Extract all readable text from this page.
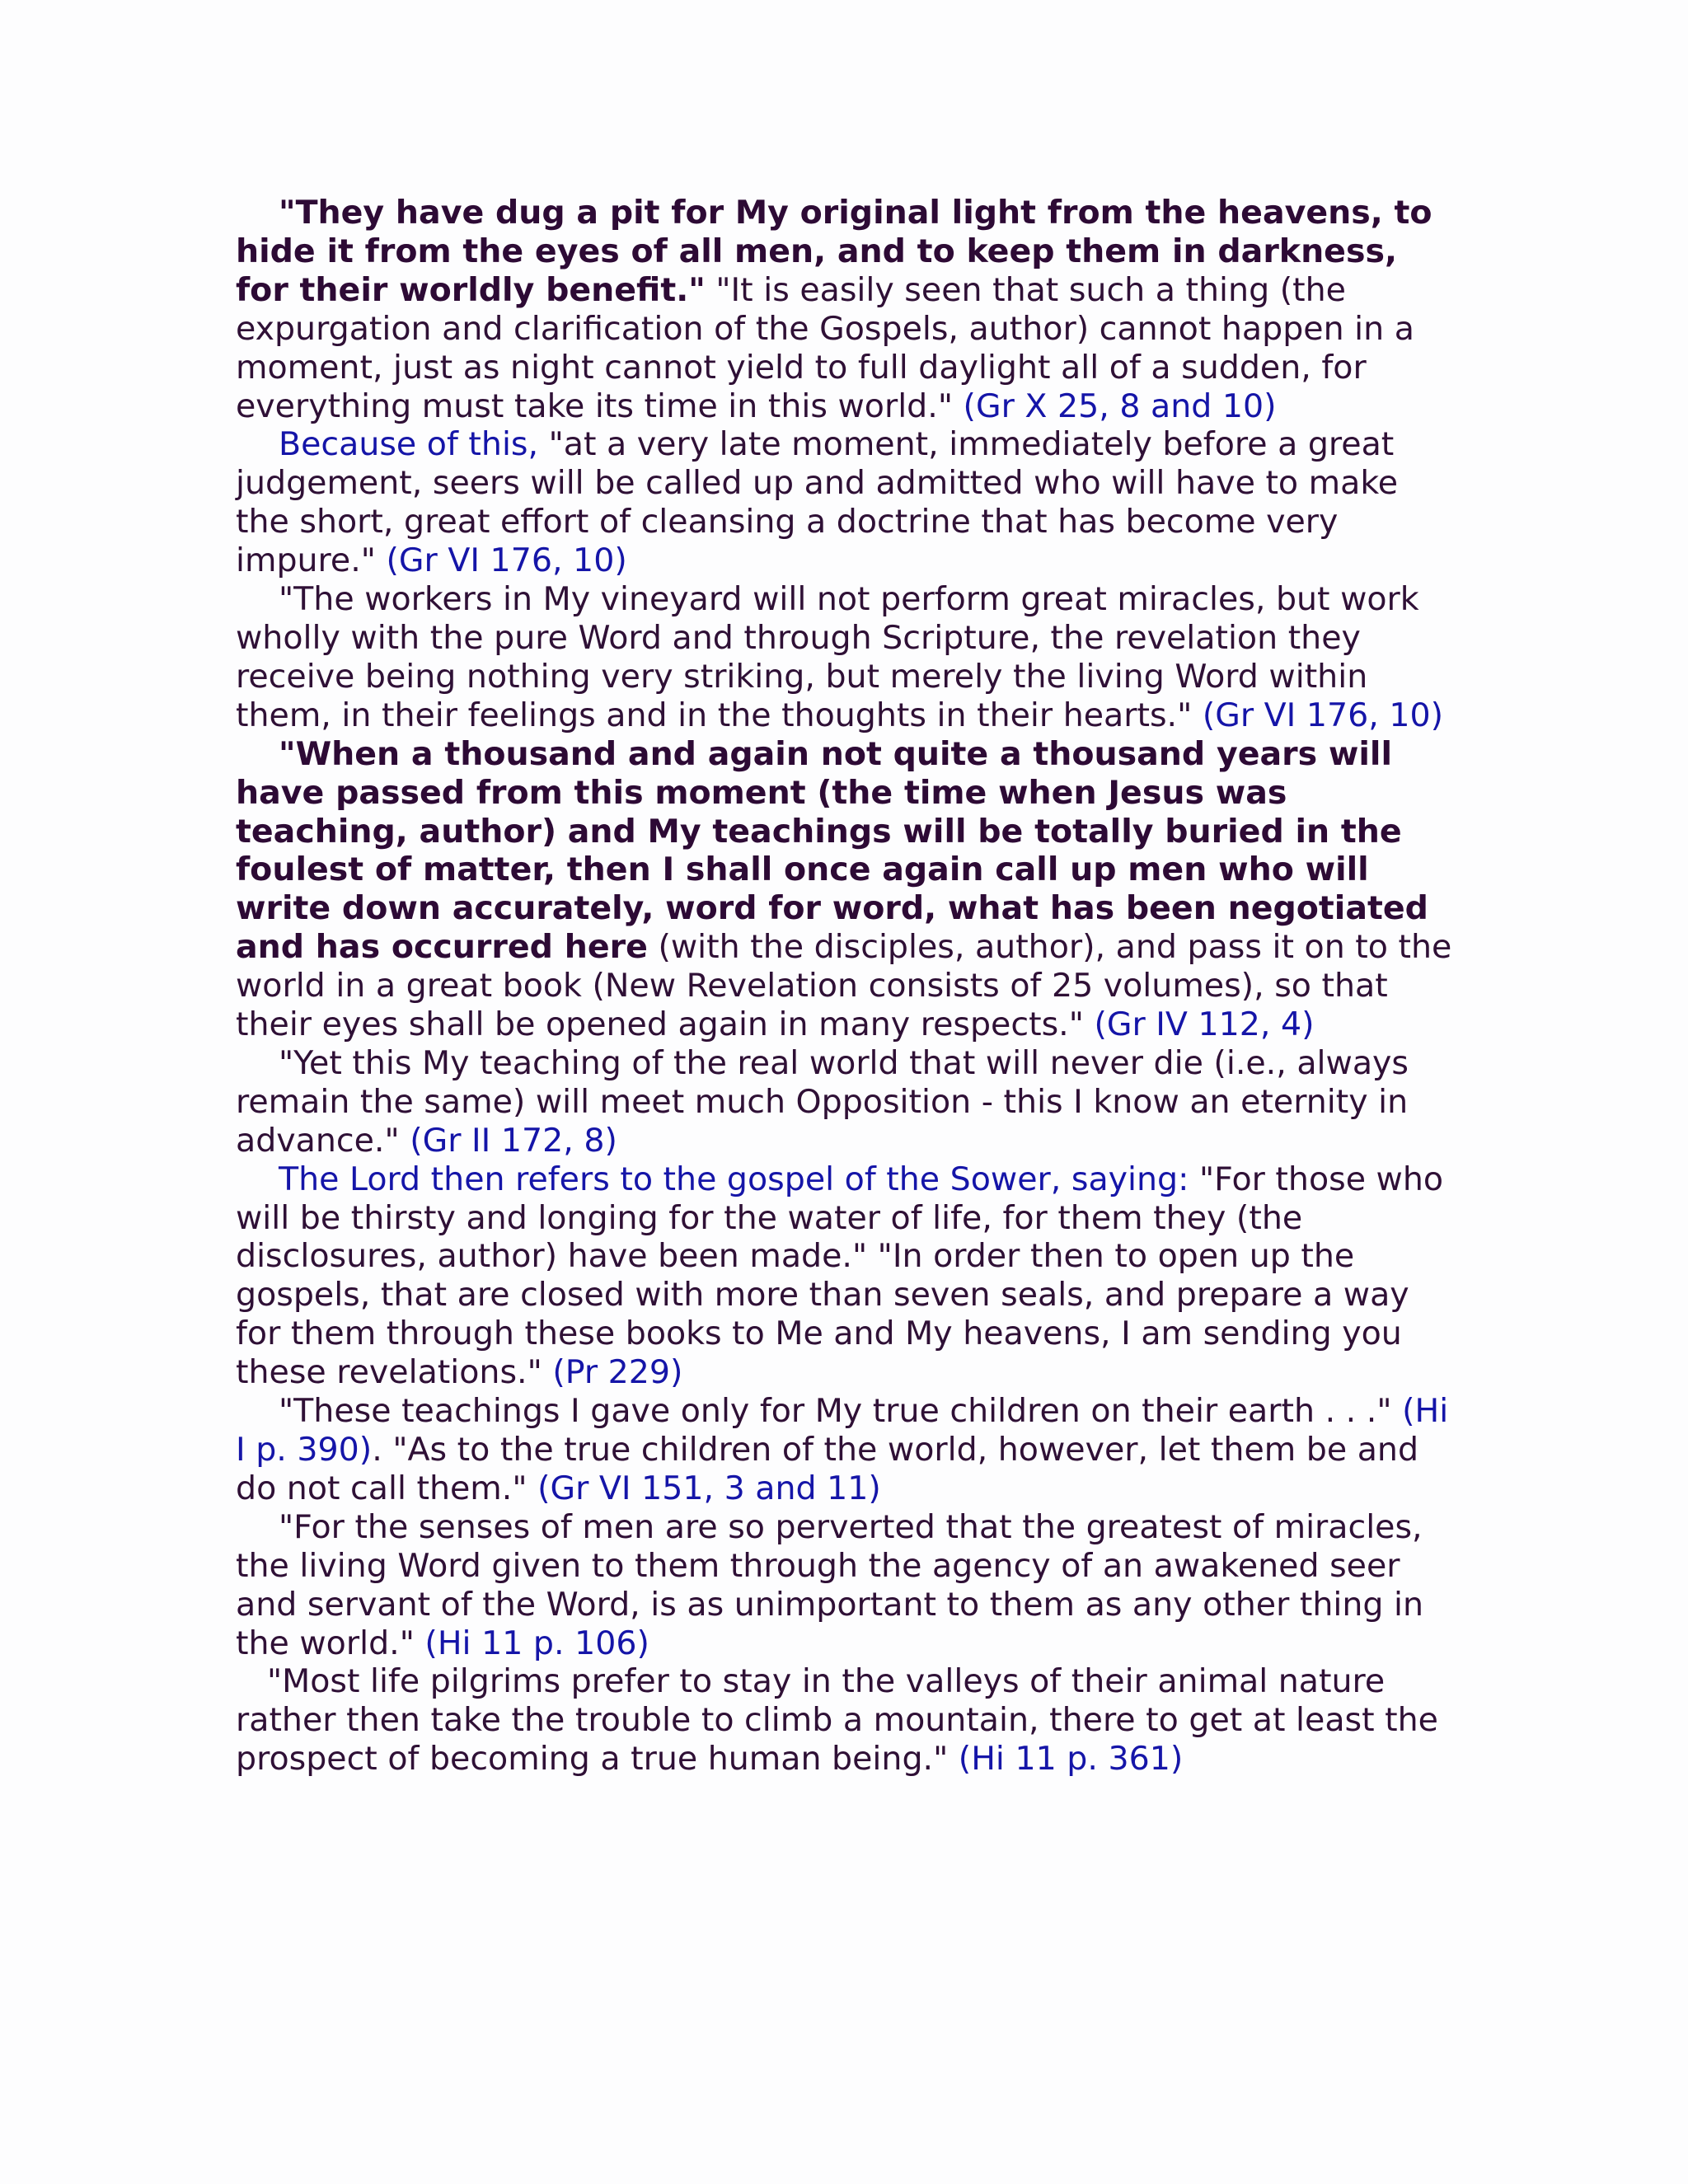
"They have dug a pit for My original light from the heavens, to hide it from the eyes of all men, and to keep them in darkness, for their worldly benefit." "It is easily seen that such a thing (the expurgation and clarification of the Gospels, author) cannot happen in a moment, just as night cannot yield to full daylight all of a sudden, for everything must take its time in this world." (Gr X 25, 8 and 10)

Because of this, "at a very late moment, immediately before a great judgement, seers will be called up and admitted who will have to make the short, great effort of cleansing a doctrine that has become very impure." (Gr VI 176, 10)

"The workers in My vineyard will not perform great miracles, but work wholly with the pure Word and through Scripture, the revelation they receive being nothing very striking, but merely the living Word within them, in their feelings and in the thoughts in their hearts." (Gr VI 176, 10)

"When a thousand and again not quite a thousand years will have passed from this moment (the time when Jesus was teaching, author) and My teachings will be totally buried in the foulest of matter, then I shall once again call up men who will write down accurately, word for word, what has been negotiated and has occurred here (with the disciples, author), and pass it on to the world in a great book (New Revelation consists of 25 volumes), so that their eyes shall be opened again in many respects." (Gr IV 112, 4)

"Yet this My teaching of the real world that will never die (i.e., always remain the same) will meet much Opposition - this I know an eternity in advance." (Gr II 172, 8)

The Lord then refers to the gospel of the Sower, saying: "For those who will be thirsty and longing for the water of life, for them they (the disclosures, author) have been made." "In order then to open up the gospels, that are closed with more than seven seals, and prepare a way for them through these books to Me and My heavens, I am sending you these revelations." (Pr 229)

"These teachings I gave only for My true children on their earth . . ." (Hi I p. 390). "As to the true children of the world, however, let them be and do not call them." (Gr VI 151, 3 and 11)

"For the senses of men are so perverted that the greatest of miracles, the living Word given to them through the agency of an awakened seer and servant of the Word, is as unimportant to them as any other thing in the world." (Hi 11 p. 106)

"Most life pilgrims prefer to stay in the valleys of their animal nature rather then take the trouble to climb a mountain, there to get at least the prospect of becoming a true human being." (Hi 11 p. 361)
